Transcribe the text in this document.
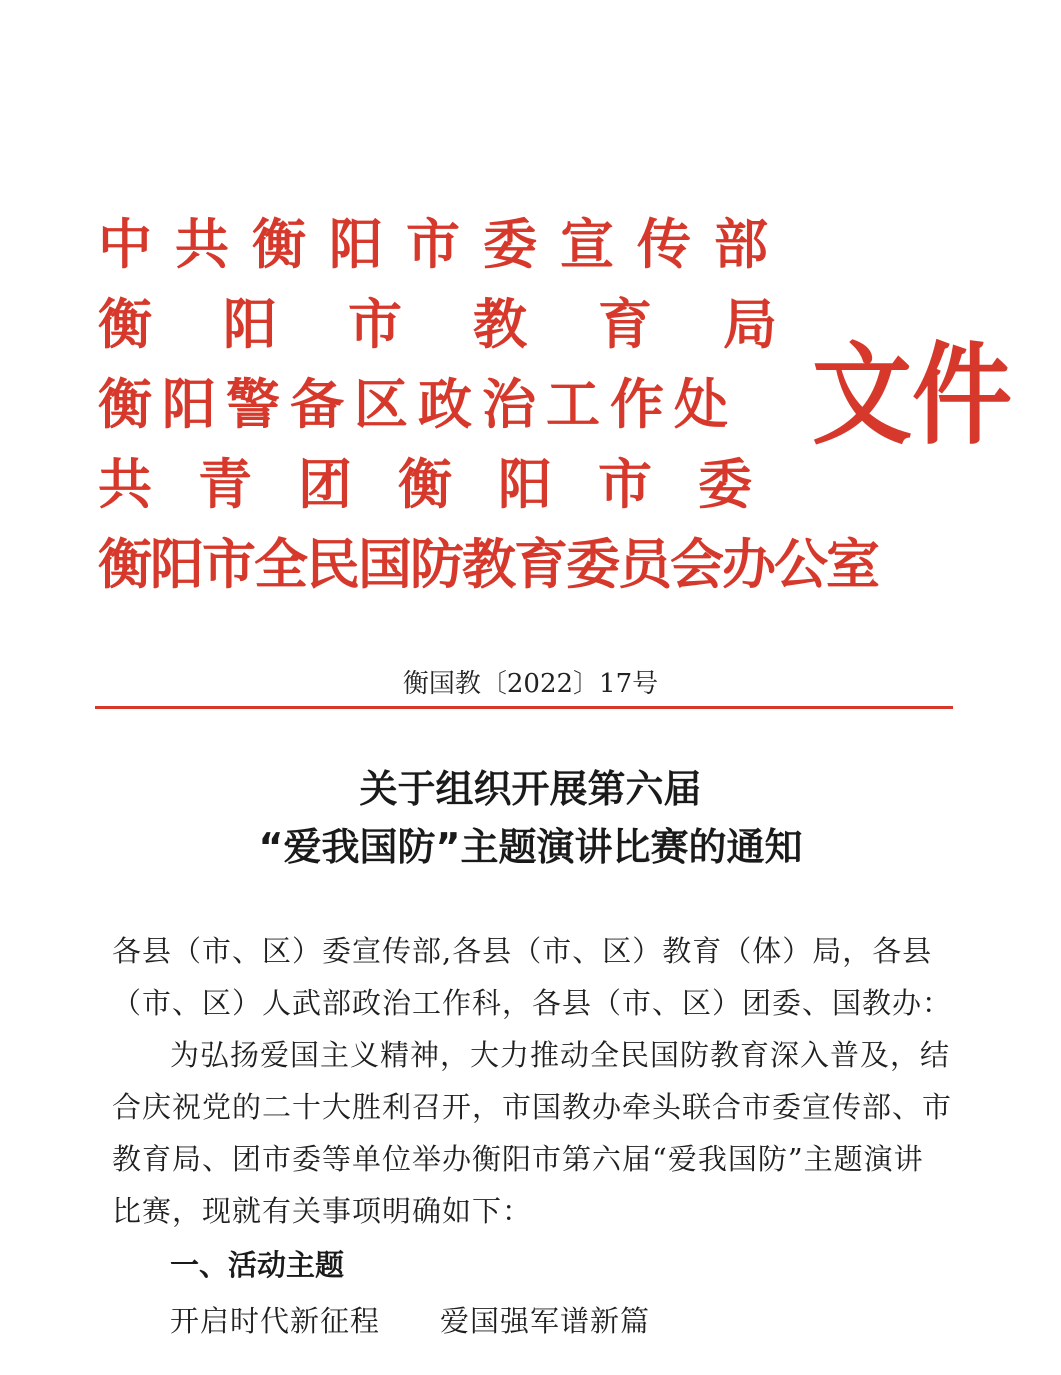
中共衡阳市委宣传部
衡阳市教育局
衡阳警备区政治工作处
共青团衡阳市委
衡阳市全民国防教育委员会办公室
文件
衡国教〔2022〕17号
关于组织开展第六届
“爱我国防”主题演讲比赛的通知
各县（市、区）委宣传部,各县（市、区）教育（体）局，各县
（市、区）人武部政治工作科，各县（市、区）团委、国教办：
为弘扬爱国主义精神，大力推动全民国防教育深入普及，结
合庆祝党的二十大胜利召开，市国教办牵头联合市委宣传部、市
教育局、团市委等单位举办衡阳市第六届“爱我国防”主题演讲
比赛，现就有关事项明确如下：
一、活动主题
开启时代新征程　　爱国强军谱新篇
